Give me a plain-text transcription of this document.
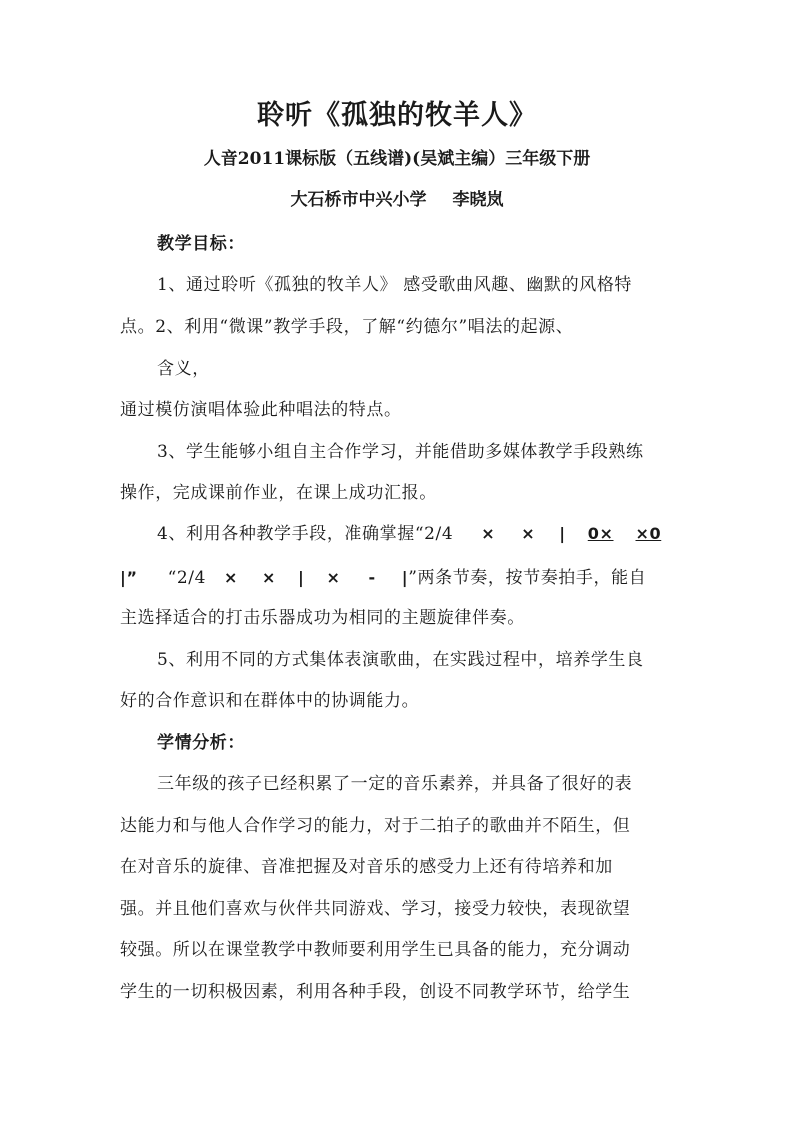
聆听《孤独的牧羊人》
人音2011课标版（五线谱)(吴斌主编）三年级下册
大石桥市中兴小学 李晓岚
教学目标：
1、通过聆听《孤独的牧羊人》 感受歌曲风趣、幽默的风格特
点。2、利用“微课”教学手段，了解“约德尔”唱法的起源、
含义，
通过模仿演唱体验此种唱法的特点。
3、学生能够小组自主合作学习，并能借助多媒体教学手段熟练
操作，完成课前作业，在课上成功汇报。
4、利用各种教学手段，准确掌握“2/4 × × | 0× ×0
|” “2/4 × × | × - |”两条节奏，按节奏拍手，能自
主选择适合的打击乐器成功为相同的主题旋律伴奏。
5、利用不同的方式集体表演歌曲，在实践过程中，培养学生良
好的合作意识和在群体中的协调能力。
学情分析：
三年级的孩子已经积累了一定的音乐素养，并具备了很好的表
达能力和与他人合作学习的能力，对于二拍子的歌曲并不陌生，但
在对音乐的旋律、音准把握及对音乐的感受力上还有待培养和加
强。并且他们喜欢与伙伴共同游戏、学习，接受力较快，表现欲望
较强。所以在课堂教学中教师要利用学生已具备的能力，充分调动
学生的一切积极因素，利用各种手段，创设不同教学环节，给学生
